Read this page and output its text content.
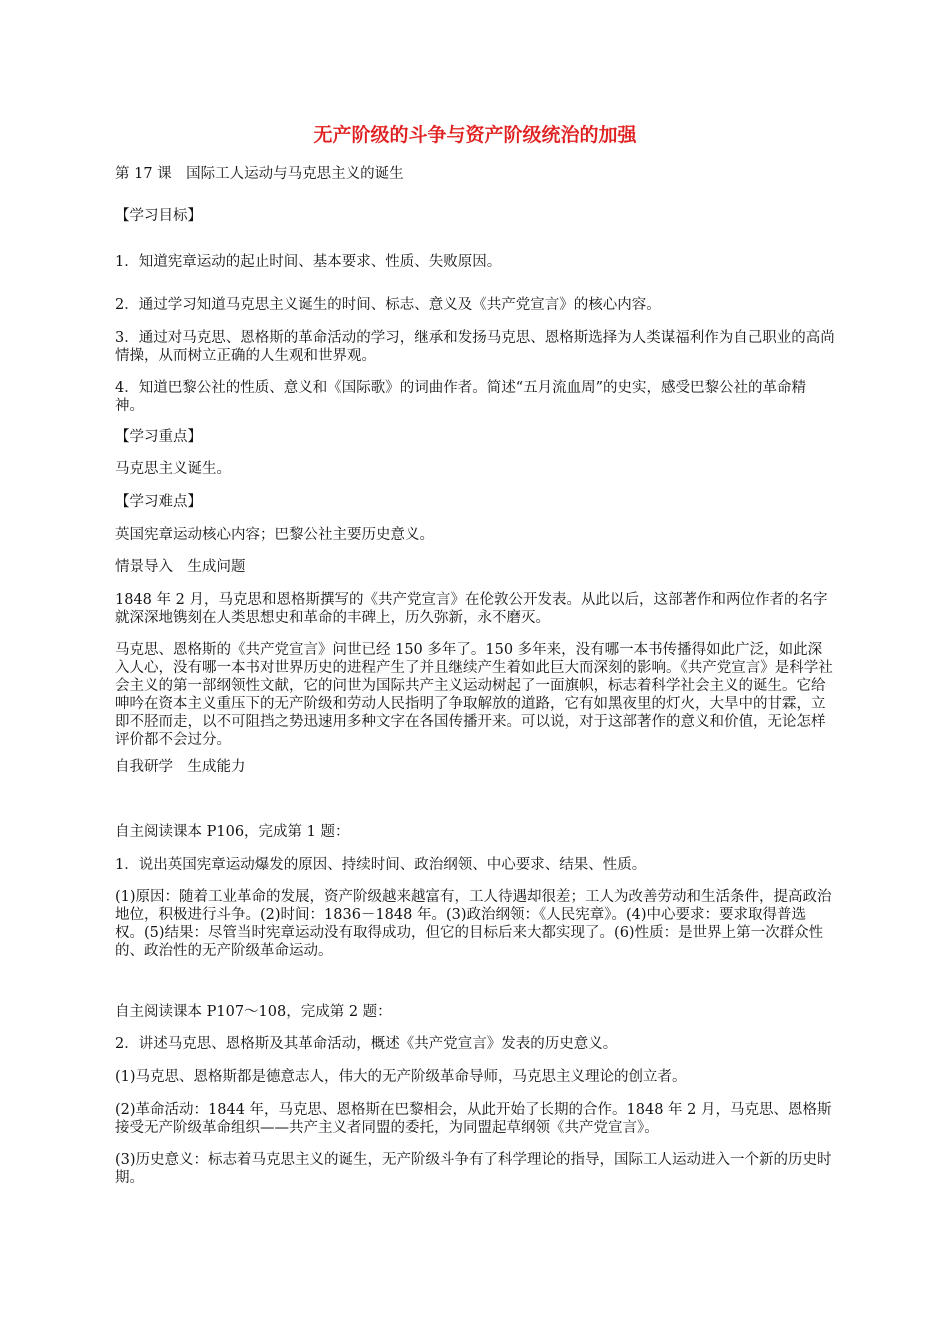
无产阶级的斗争与资产阶级统治的加强

第 17 课　国际工人运动与马克思主义的诞生

【学习目标】

1．知道宪章运动的起止时间、基本要求、性质、失败原因。

2．通过学习知道马克思主义诞生的时间、标志、意义及《共产党宣言》的核心内容。

3．通过对马克思、恩格斯的革命活动的学习，继承和发扬马克思、恩格斯选择为人类谋福利作为自己职业的高尚情操，从而树立正确的人生观和世界观。

4．知道巴黎公社的性质、意义和《国际歌》的词曲作者。简述“五月流血周”的史实，感受巴黎公社的革命精神。

【学习重点】

马克思主义诞生。

【学习难点】

英国宪章运动核心内容；巴黎公社主要历史意义。

情景导入　生成问题

1848 年 2 月，马克思和恩格斯撰写的《共产党宣言》在伦敦公开发表。从此以后，这部著作和两位作者的名字就深深地镌刻在人类思想史和革命的丰碑上，历久弥新，永不磨灭。

马克思、恩格斯的《共产党宣言》问世已经 150 多年了。150 多年来，没有哪一本书传播得如此广泛，如此深入人心，没有哪一本书对世界历史的进程产生了并且继续产生着如此巨大而深刻的影响。《共产党宣言》是科学社会主义的第一部纲领性文献，它的问世为国际共产主义运动树起了一面旗帜，标志着科学社会主义的诞生。它给呻吟在资本主义重压下的无产阶级和劳动人民指明了争取解放的道路，它有如黑夜里的灯火，大旱中的甘霖，立即不胫而走，以不可阻挡之势迅速用多种文字在各国传播开来。可以说，对于这部著作的意义和价值，无论怎样评价都不会过分。

自我研学　生成能力

自主阅读课本 P106，完成第 1 题：

1．说出英国宪章运动爆发的原因、持续时间、政治纲领、中心要求、结果、性质。

(1)原因：随着工业革命的发展，资产阶级越来越富有，工人待遇却很差；工人为改善劳动和生活条件，提高政治地位，积极进行斗争。(2)时间：1836－1848 年。(3)政治纲领：《人民宪章》。(4)中心要求：要求取得普选权。(5)结果：尽管当时宪章运动没有取得成功，但它的目标后来大都实现了。(6)性质：是世界上第一次群众性的、政治性的无产阶级革命运动。

自主阅读课本 P107～108，完成第 2 题：

2．讲述马克思、恩格斯及其革命活动，概述《共产党宣言》发表的历史意义。

(1)马克思、恩格斯都是德意志人，伟大的无产阶级革命导师，马克思主义理论的创立者。

(2)革命活动：1844 年，马克思、恩格斯在巴黎相会，从此开始了长期的合作。1848 年 2 月，马克思、恩格斯接受无产阶级革命组织——共产主义者同盟的委托，为同盟起草纲领《共产党宣言》。

(3)历史意义：标志着马克思主义的诞生，无产阶级斗争有了科学理论的指导，国际工人运动进入一个新的历史时期。
